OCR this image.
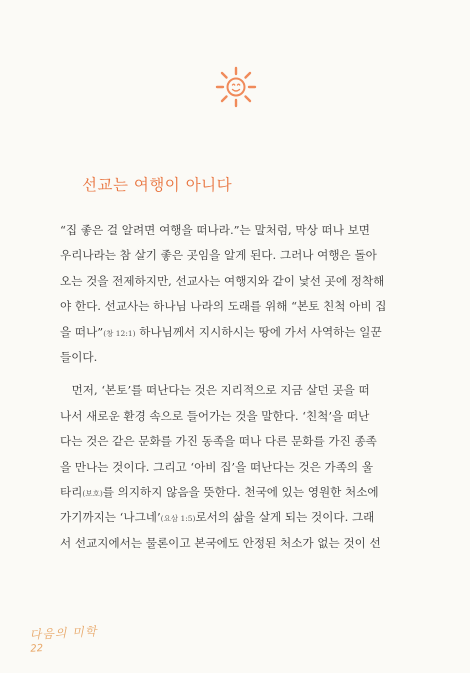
선교는 여행이 아니다
“집 좋은 걸 알려면 여행을 떠나라.”는 말처럼, 막상 떠나 보면
우리나라는 참 살기 좋은 곳임을 알게 된다. 그러나 여행은 돌아
오는 것을 전제하지만, 선교사는 여행지와 같이 낯선 곳에 정착해
야 한다. 선교사는 하나님 나라의 도래를 위해 “본토 친척 아비 집
을 떠나”(창 12:1) 하나님께서 지시하시는 땅에 가서 사역하는 일꾼
들이다.
　먼저, ‘본토’를 떠난다는 것은 지리적으로 지금 살던 곳을 떠
나서 새로운 환경 속으로 들어가는 것을 말한다. ‘친척’을 떠난
다는 것은 같은 문화를 가진 동족을 떠나 다른 문화를 가진 종족
을 만나는 것이다. 그리고 ‘아비 집’을 떠난다는 것은 가족의 울
타리(보호)를 의지하지 않음을 뜻한다. 천국에 있는 영원한 처소에
가기까지는 ‘나그네’(요삼 1:5)로서의 삶을 살게 되는 것이다. 그래
서 선교지에서는 물론이고 본국에도 안정된 처소가 없는 것이 선
다음의 미학
22
